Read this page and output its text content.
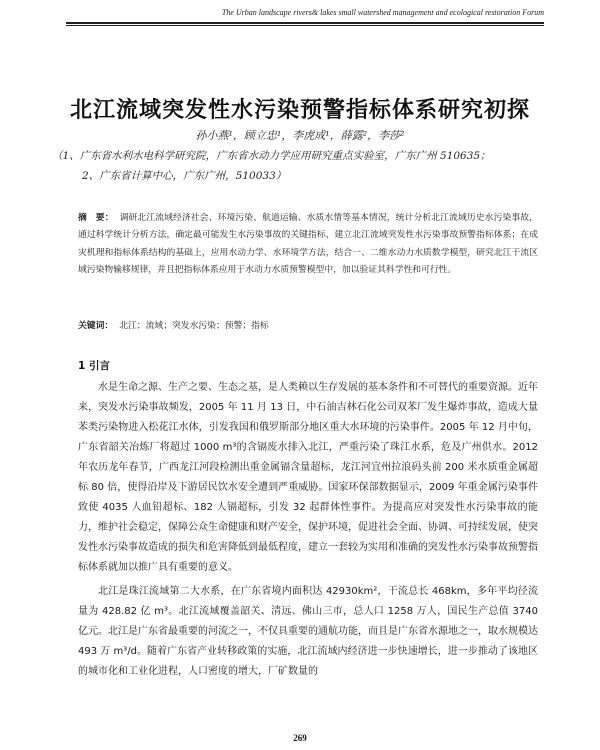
The Urban landscape rivers& lakes small watershed management and ecological restoration Forum
北江流域突发性水污染预警指标体系研究初探
孙小燕¹，顾立忠¹，李虎成¹，薛露²，李莎²
（1、广东省水利水电科学研究院，广东省水动力学应用研究重点实验室，广东广州 510635；
2、广东省计算中心，广东广州，510033）
摘　要： 调研北江流域经济社会、环境污染、航道运输、水质水情等基本情况，统计分析北江流域历史水污染事故，通过科学统计分析方法，确定最可能发生水污染事故的关键指标，建立北江流域突发性水污染事故预警指标体系；在成灾机理和指标体系结构的基础上，应用水动力学、水环境学方法，结合一、二维水动力水质数学模型，研究北江干流区域污染物输移规律，并且把指标体系应用于水动力水质预警模型中，加以验证其科学性和可行性。
关键词： 北江；流域；突发水污染；预警；指标
1 引言

水是生命之源、生产之要、生态之基，是人类赖以生存发展的基本条件和不可替代的重要资源。近年来，突发水污染事故频发，2005 年 11 月 13 日，中石油吉林石化公司双苯厂发生爆炸事故，造成大量苯类污染物进入松花江水体，引发我国和俄罗斯部分地区重大水环境的污染事件。2005 年 12 月中旬，广东省韶关冶炼厂将超过 1000 m³的含镉废水排入北江，严重污染了珠江水系，危及广州供水。2012 年农历龙年春节，广西龙江河段检测出重金属镉含量超标，龙江河宜州拉浪码头前 200 米水质重金属超标 80 倍，使得沿岸及下游居民饮水安全遭到严重威胁。国家环保部数据显示，2009 年重金属污染事件致使 4035 人血铅超标、182 人镉超标，引发 32 起群体性事件。为提高应对突发性水污染事故的能力，维护社会稳定，保障公众生命健康和财产安全，保护环境，促进社会全面、协调、可持续发展，使突发性水污染事故造成的损失和危害降低到最低程度，建立一套较为实用和准确的突发性水污染事故预警指标体系就加以推广具有重要的意义。

北江是珠江流域第二大水系，在广东省境内面积达 42930km²，干流总长 468km，多年平均径流量为 428.82 亿 m³。北江流域覆盖韶关、清远、佛山三市，总人口 1258 万人，国民生产总值 3740 亿元。北江是广东省最重要的河流之一，不仅具重要的通航功能，而且是广东省水源地之一，取水规模达 493 万 m³/d。随着广东省产业转移政策的实施，北江流域内经济进一步快速增长，进一步推动了该地区的城市化和工业化进程，人口密度的增大，厂矿数量的

269
